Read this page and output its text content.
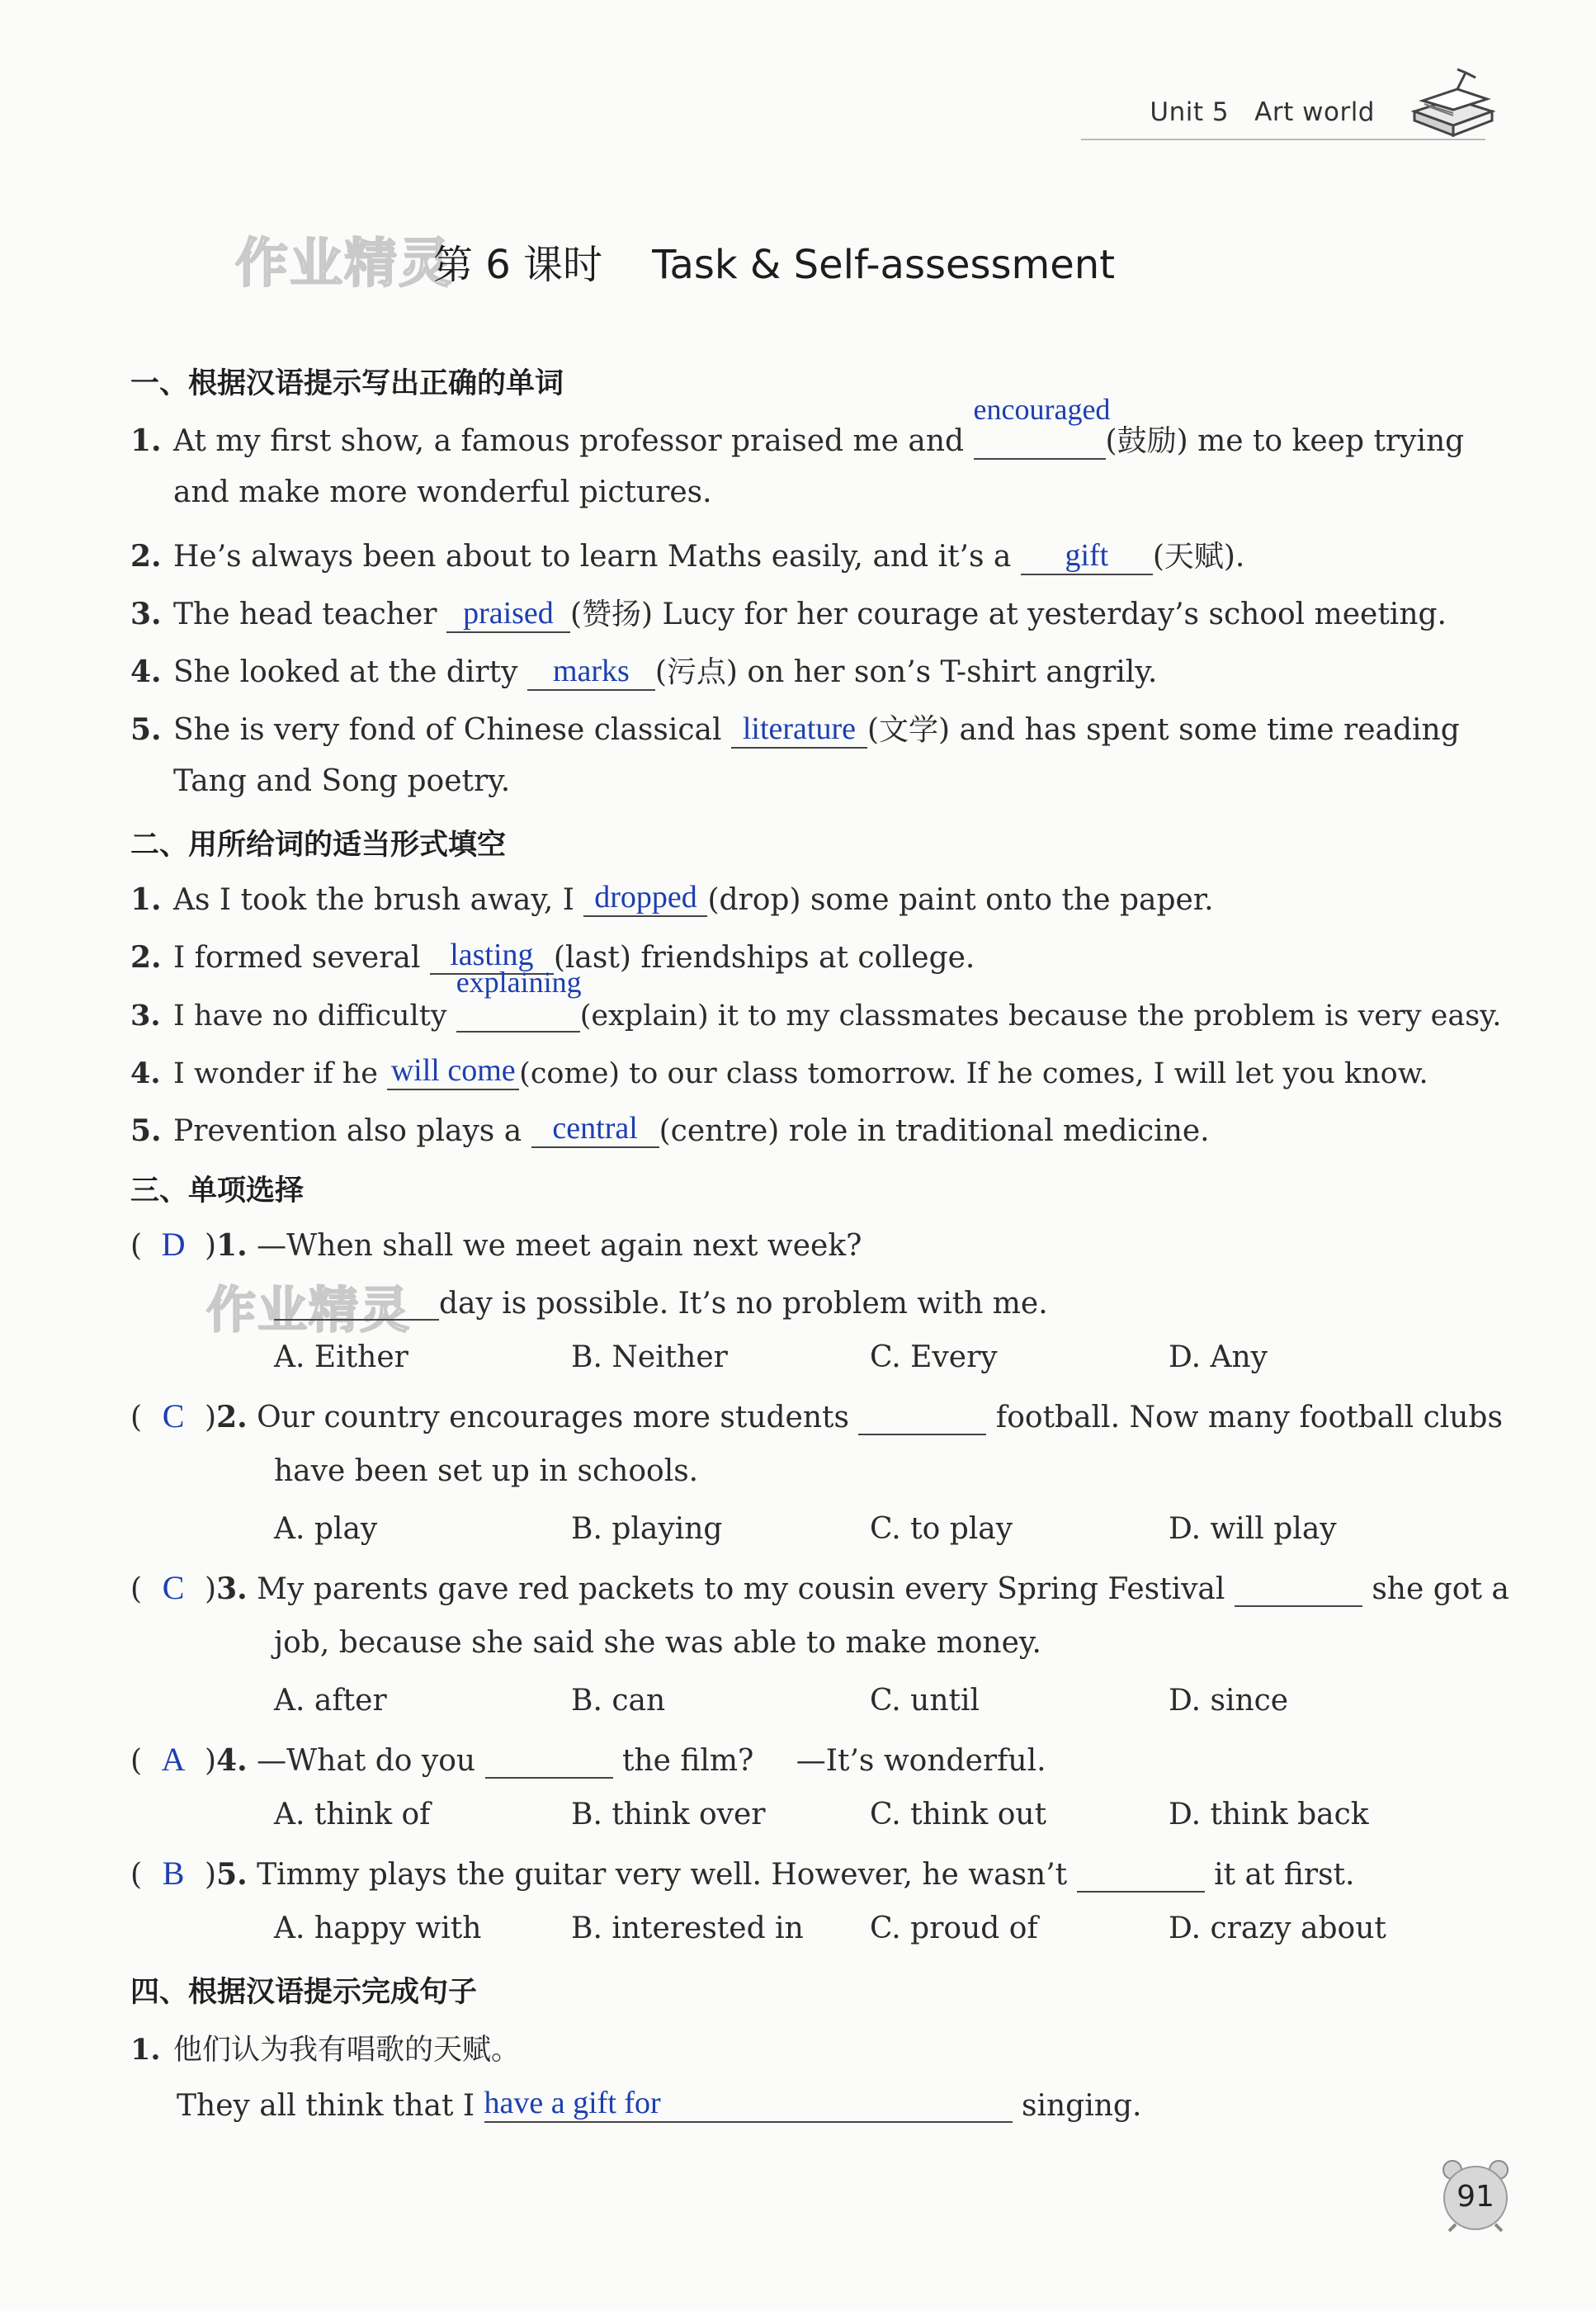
Unit 5 Art world
作业精灵
作业精灵
第 6 课时 Task & Self-assessment
一、根据汉语提示写出正确的单词
1. At my first show, a famous professor praised me and
encouraged
(鼓励) me to keep trying
and make more wonderful pictures.
2. He’s always been about to learn Maths easily, and it’s a gift (天赋).
3. The head teacher praised (赞扬) Lucy for her courage at yesterday’s school meeting.
4. She looked at the dirty marks (污点) on her son’s T-shirt angrily.
5. She is very fond of Chinese classical literature (文学) and has spent some time reading
Tang and Song poetry.
二、用所给词的适当形式填空
1. As I took the brush away, I dropped (drop) some paint onto the paper.
2. I formed several lasting (last) friendships at college.
3. I have no difficulty
explaining
(explain) it to my classmates because the problem is very easy.
4. I wonder if he will come (come) to our class tomorrow. If he comes, I will let you know.
5. Prevention also plays a central (centre) role in traditional medicine.
三、单项选择
( D )1. —When shall we meet again next week?
day is possible. It’s no problem with me.
A. Either	B. Neither	C. Every	D. Any
( C )2. Our country encourages more students	football. Now many football clubs
have been set up in schools.
A. play	B. playing	C. to play	D. will play
( C )3. My parents gave red packets to my cousin every Spring Festival	she got a
job, because she said she was able to make money.
A. after	B. can	C. until	D. since
( A )4. —What do you	the film? —It’s wonderful.
A. think of	B. think over	C. think out	D. think back
( B )5. Timmy plays the guitar very well. However, he wasn’t	it at first.
A. happy with	B. interested in C. proud of	D. crazy about
四、根据汉语提示完成句子
1. 他们认为我有唱歌的天赋。
They all think that I have a gift for	singing.
91
